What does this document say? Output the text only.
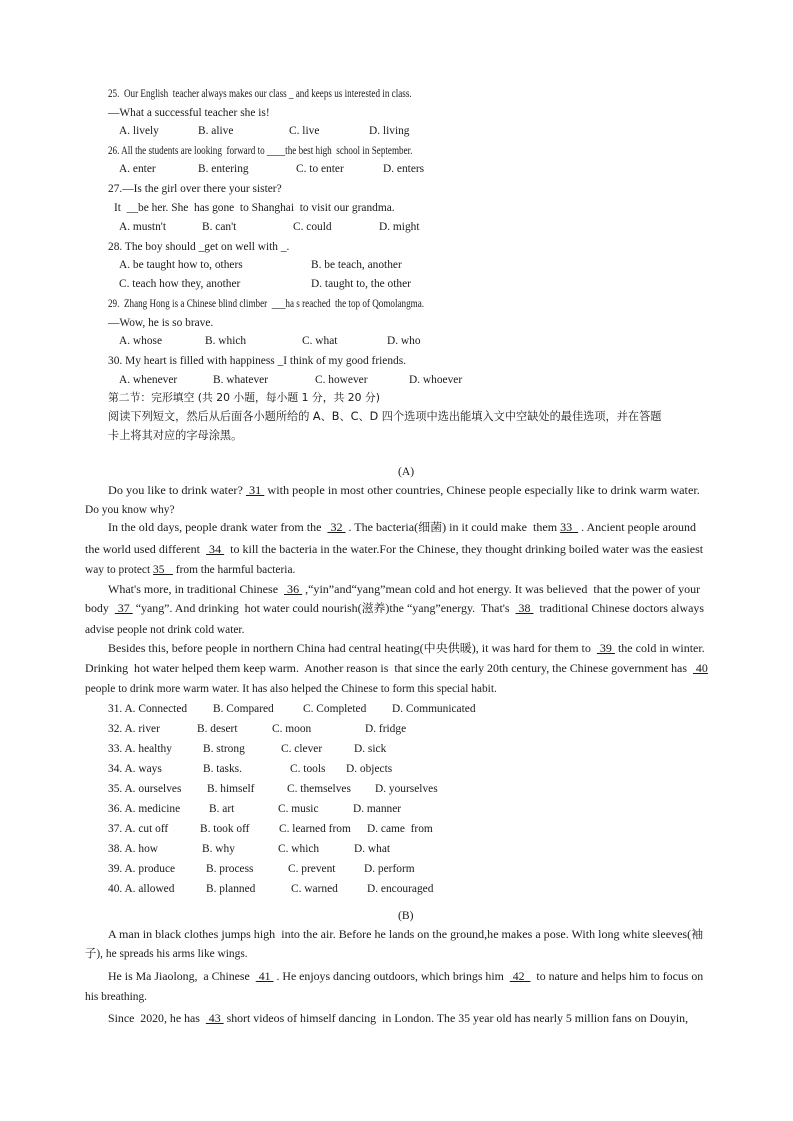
25.  Our English  teacher always makes our class _ and keeps us interested in class.
—What a successful teacher she is!
A. lively	B. alive	C. live	D. living
26. All the students are looking  forward to ____the best high  school in September.
A. enter	B. entering	C. to enter	D. enters
27.—Is the girl over there your sister?
It  __be her. She  has gone  to Shanghai  to visit our grandma.
A. mustn't	B. can't	C. could	D. might
28. The boy should _get on well with _.
A. be taught how to, others	B. be teach, another
C. teach how they, another	D. taught to, the other
29.  Zhang Hong is a Chinese blind climber  ___ha s reached  the top of Qomolangma.
—Wow, he is so brave.
A. whose	B. which	C. what	D. who
30. My heart is filled with happiness _I think of my good friends.
A. whenever	B. whatever	C. however	D. whoever
第二节：完形填空 (共 20 小题，每小题 1 分，共 20 分)
阅读下列短文，然后从后面各小题所给的 A、B、C、D 四个选项中选出能填入文中空缺处的最佳选项，并在答题
卡上将其对应的字母涂黑。
(A)
Do you like to drink water?  31  with people in most other countries, Chinese people especially like to drink warm water.
Do you know why?
In the old days, people drank water from the   32  . The bacteria(细菌) in it could make  them 33   . Ancient people around
the world used different   34   to kill the bacteria in the water.For the Chinese, they thought drinking boiled water was the easiest
way to protect 35    from the harmful bacteria.
What's more, in traditional Chinese   36  ,“yin”and“yang”mean cold and hot energy. It was believed  that the power of your
body   37  “yang”. And drinking  hot water could nourish(滋养)the “yang”energy.  That's   38   traditional Chinese doctors always
advise people not drink cold water.
Besides this, before people in northern China had central heating(中央供暖), it was hard for them to   39  the cold in winter.
Drinking  hot water helped them keep warm.  Another reason is  that since the early 20th century, the Chinese government has   40
people to drink more warm water. It has also helped the Chinese to form this special habit.
31. A. Connected B. Compared	C. Completed D. Communicated
32. A. river	B. desert	C. moon	D. fridge
33. A. healthy	B. strong	C. clever	D. sick
34. A. ways	B. tasks.	C. tools D. objects
35. A. ourselves B. himself	C. themselves D. yourselves
36. A. medicine	B. art	C. music	D. manner
37. A. cut off	B. took off	C. learned from D. came  from
38. A. how	B. why	C. which	D. what
39. A. produce	B. process	C. prevent	D. perform
40. A. allowed	B. planned	C. warned	D. encouraged
(B)
A man in black clothes jumps high  into the air. Before he lands on the ground,he makes a pose. With long white sleeves(袖
子), he spreads his arms like wings.
He is Ma Jiaolong,  a Chinese   41  . He enjoys dancing outdoors, which brings him   42    to nature and helps him to focus on
his breathing.
Since  2020, he has   43  short videos of himself dancing  in London. The 35 year old has nearly 5 million fans on Douyin,
